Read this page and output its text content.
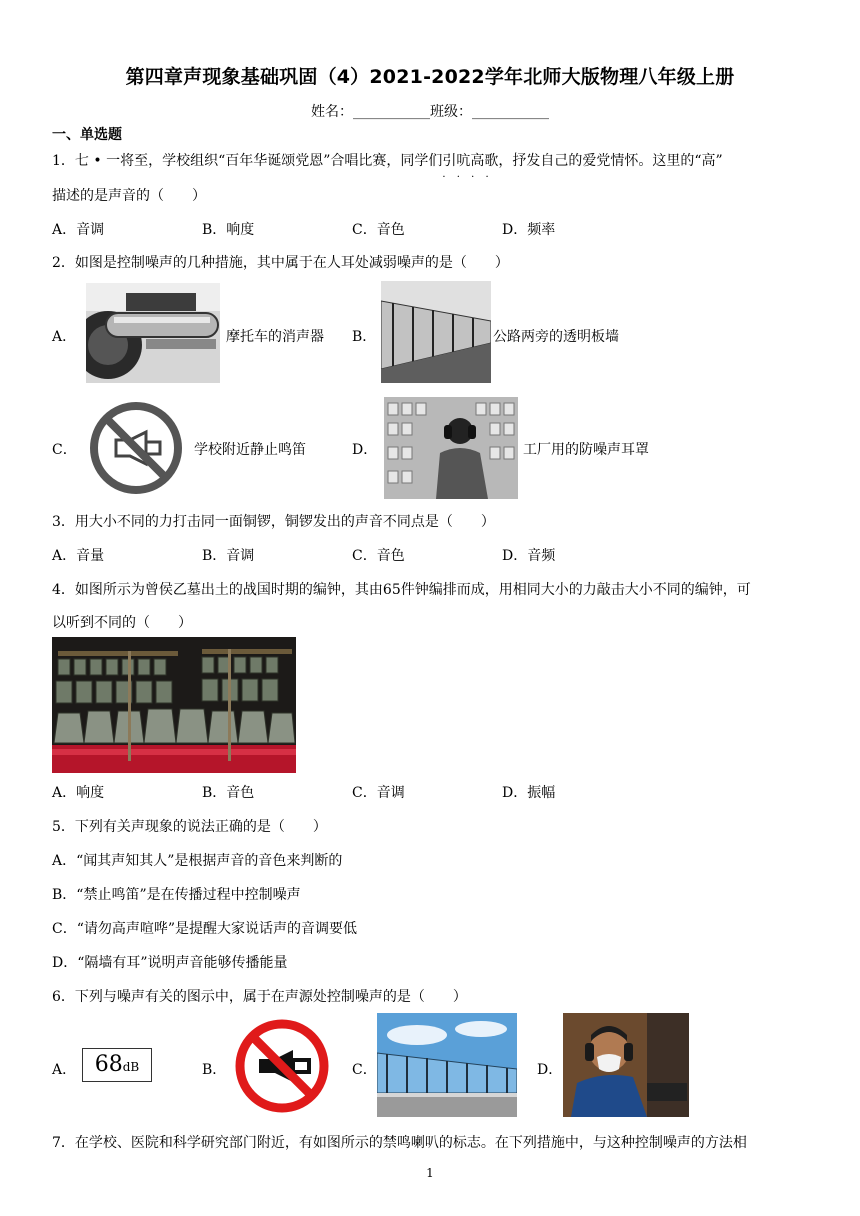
第四章声现象基础巩固（4）2021-2022学年北师大版物理八年级上册
姓名：___________班级：___________
一、单选题
1．七 • 一将至，学校组织“百年华诞颂党恩”合唱比赛，同学们引吭高歌
· · · ·
，抒发自己的爱党情怀。这里的“高”
描述的是声音的（　　）
A．音调	B．响度	C．音色	D．频率
2．如图是控制噪声的几种措施，其中属于在人耳处减弱噪声的是（　　）
A．	摩托车的消声器 B．	公路两旁的透明板墙
C．	学校附近静止鸣笛	D．	工厂用的防噪声耳罩
3．用大小不同的力打击同一面铜锣，铜锣发出的声音不同点是（　　）
A．音量	B．音调	C．音色	D．音频
4．如图所示为曾侯乙墓出土的战国时期的编钟，其由65件钟编排而成，用相同大小的力敲击大小不同的编钟，可
以听到不同的（　　）
A．响度	B．音色	C．音调	D．振幅
5．下列有关声现象的说法正确的是（　　）
A．“闻其声知其人”是根据声音的音色来判断的
B．“禁止鸣笛”是在传播过程中控制噪声
C．“请勿高声喧哗”是提醒大家说话声的音调要低
D．“隔墙有耳”说明声音能够传播能量
6．下列与噪声有关的图示中，属于在声源处控制噪声的是（　　）
A． 68dB	B．	C．	D．
7．在学校、医院和科学研究部门附近，有如图所示的禁鸣喇叭的标志。在下列措施中，与这种控制噪声的方法相
1
